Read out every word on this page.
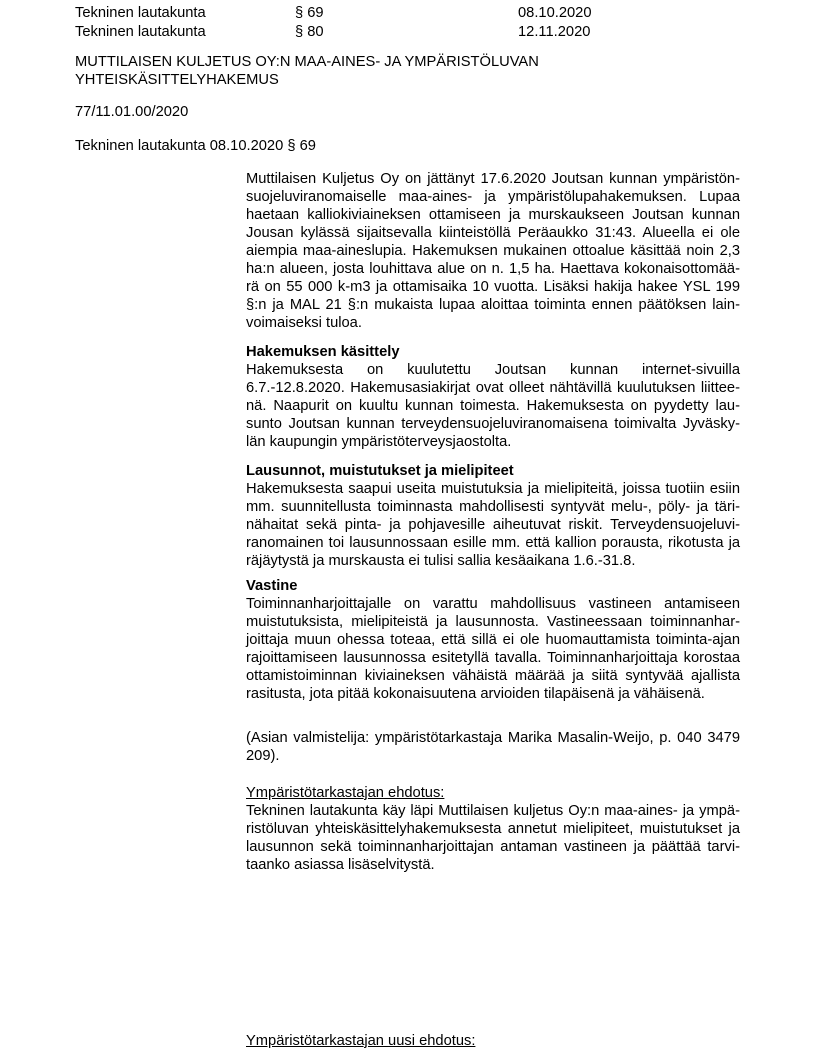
Tekninen lautakunta	§ 69	08.10.2020
Tekninen lautakunta	§ 80	12.11.2020
MUTTILAISEN KULJETUS OY:N MAA-AINES- JA YMPÄRISTÖLUVAN
YHTEISKÄSITTELYHAKEMUS
77/11.01.00/2020
Tekninen lautakunta 08.10.2020 § 69
Muttilaisen Kuljetus Oy on jättänyt 17.6.2020 Joutsan kunnan ympäristön-
suojeluviranomaiselle maa-aines- ja ympäristölupahakemuksen. Lupaa
haetaan kalliokiviaineksen ottamiseen ja murskaukseen Joutsan kunnan
Jousan kylässä sijaitsevalla kiinteistöllä Peräaukko 31:43. Alueella ei ole
aiempia maa-aineslupia. Hakemuksen mukainen ottoalue käsittää noin 2,3
ha:n alueen, josta louhittava alue on n. 1,5 ha. Haettava kokonaisottomää-
rä on 55 000 k-m3 ja ottamisaika 10 vuotta. Lisäksi hakija hakee YSL 199
§:n ja MAL 21 §:n mukaista lupaa aloittaa toiminta ennen päätöksen lain-
voimaiseksi tuloa.
Hakemuksen käsittely
Hakemuksesta on kuulutettu Joutsan kunnan internet-sivuilla
6.7.-12.8.2020. Hakemusasiakirjat ovat olleet nähtävillä kuulutuksen liittee-
nä. Naapurit on kuultu kunnan toimesta. Hakemuksesta on pyydetty lau-
sunto Joutsan kunnan terveydensuojeluviranomaisena toimivalta Jyväsky-
län kaupungin ympäristöterveysjaostolta.
Lausunnot, muistutukset ja mielipiteet
Hakemuksesta saapui useita muistutuksia ja mielipiteitä, joissa tuotiin esiin
mm. suunnitellusta toiminnasta mahdollisesti syntyvät melu-, pöly- ja täri-
nähaitat sekä pinta- ja pohjavesille aiheutuvat riskit. Terveydensuojeluvi-
ranomainen toi lausunnossaan esille mm. että kallion porausta, rikotusta ja
räjäytystä ja murskausta ei tulisi sallia kesäaikana 1.6.-31.8.
Vastine
Toiminnanharjoittajalle on varattu mahdollisuus vastineen antamiseen
muistutuksista, mielipiteistä ja lausunnosta. Vastineessaan toiminnanhar-
joittaja muun ohessa toteaa, että sillä ei ole huomauttamista toiminta-ajan
rajoittamiseen lausunnossa esitetyllä tavalla. Toiminnanharjoittaja korostaa
ottamistoiminnan kiviaineksen vähäistä määrää ja siitä syntyvää ajallista
rasitusta, jota pitää kokonaisuutena arvioiden tilapäisenä ja vähäisenä.
(Asian valmistelija: ympäristötarkastaja Marika Masalin-Weijo, p. 040 3479
209).
Ympäristötarkastajan ehdotus:
Tekninen lautakunta käy läpi Muttilaisen kuljetus Oy:n maa-aines- ja ympä-
ristöluvan yhteiskäsittelyhakemuksesta annetut mielipiteet, muistutukset ja
lausunnon sekä toiminnanharjoittajan antaman vastineen ja päättää tarvi-
taanko asiassa lisäselvitystä.
Ympäristötarkastajan uusi ehdotus:
